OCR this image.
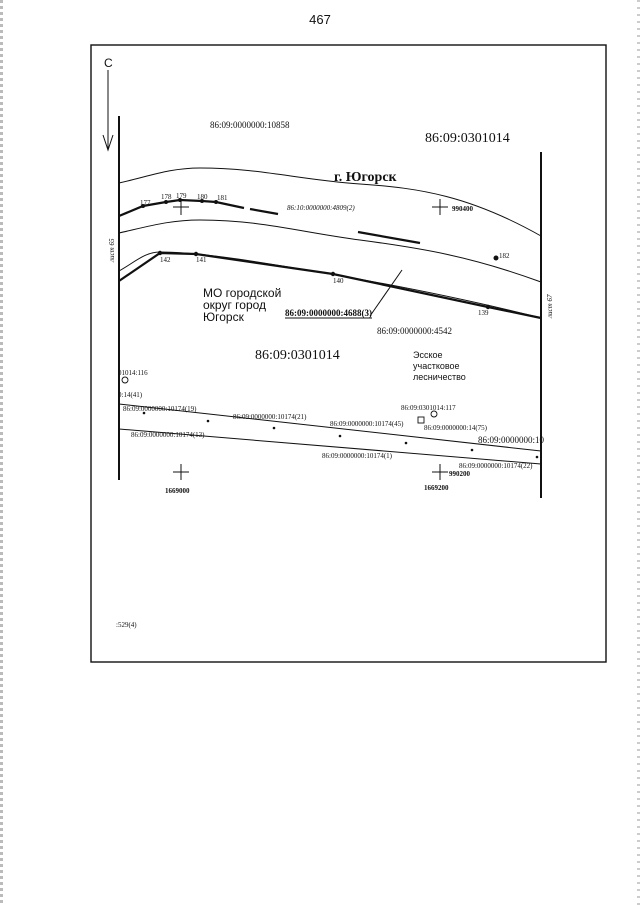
467
С
86:09:0000000:10858
86:09:0301014
г. Югорск
86:10:0000000:4809(2)	990400
лист 65
лист 67
177
178 179 180 181
142	141
140
139
182
МО городской
округ город
Югорск	86:09:0000000:4688(3)
86:09:0000000:4542
86:09:0301014	Эсское
участковое
лесничество
01014:116
0:14(41)
86:09:0000000:10174(19)
86:09:0000000:10174(21)
86:09:0301014:117
86:09:0000000:10174(45)	86:09:0000000:14(75)
86:09:0000000:10174(13)	86:09:0000000:10
86:09:0000000:10174(1)
86:09:0000000:10174(22)
1669000
990200
1669200
:529(4)
